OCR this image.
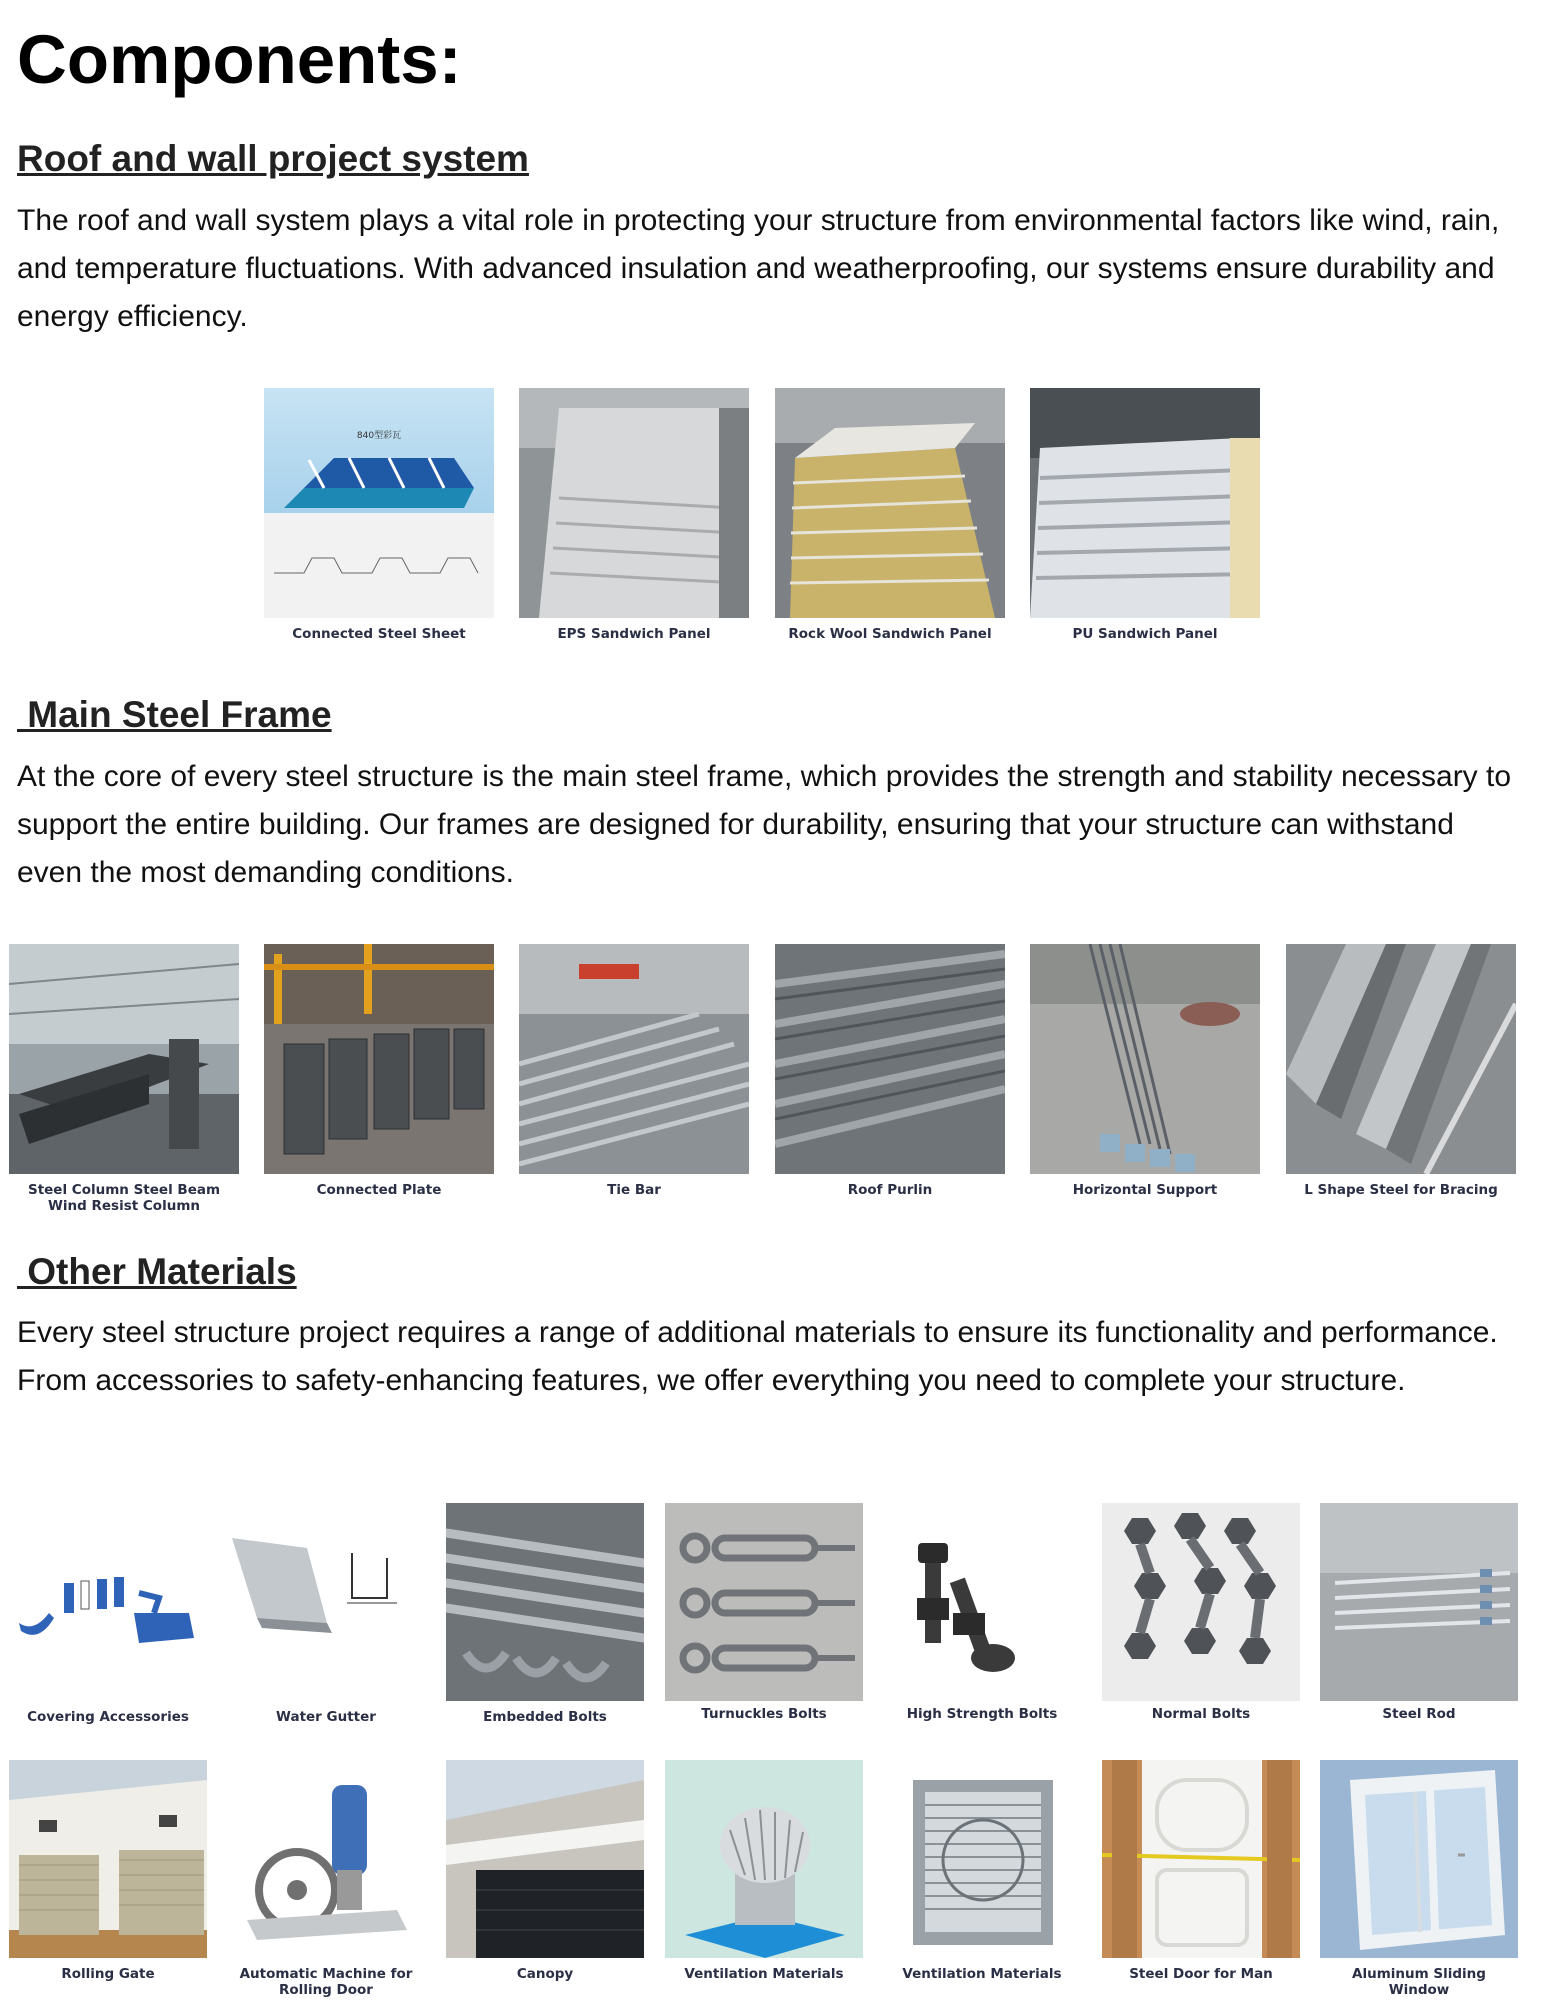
Components:
Roof and wall project system

The roof and wall system plays a vital role in protecting your structure from environmental factors like wind, rain, and temperature fluctuations. With advanced insulation and weatherproofing, our systems ensure durability and energy efficiency.

840型彩瓦
Connected Steel Sheet	EPS Sandwich Panel	Rock Wool Sandwich Panel	PU Sandwich Panel
Main Steel Frame

At the core of every steel structure is the main steel frame, which provides the strength and stability necessary to support the entire building. Our frames are designed for durability, ensuring that your structure can withstand even the most demanding conditions.

Steel Column Steel Beam Wind Resist Column
Connected Plate	Tie Bar	Roof Purlin	Horizontal Support	L Shape Steel for Bracing
Other Materials

Every steel structure project requires a range of additional materials to ensure its functionality and performance. From accessories to safety-enhancing features, we offer everything you need to complete your structure.

Covering Accessories	Water Gutter	Embedded Bolts	Turnuckles Bolts	High Strength Bolts	Normal Bolts	Steel Rod
Rolling Gate	Automatic Machine for Rolling Door
Canopy	Ventilation Materials	Ventilation Materials	Steel Door for Man	Aluminum Sliding Window
